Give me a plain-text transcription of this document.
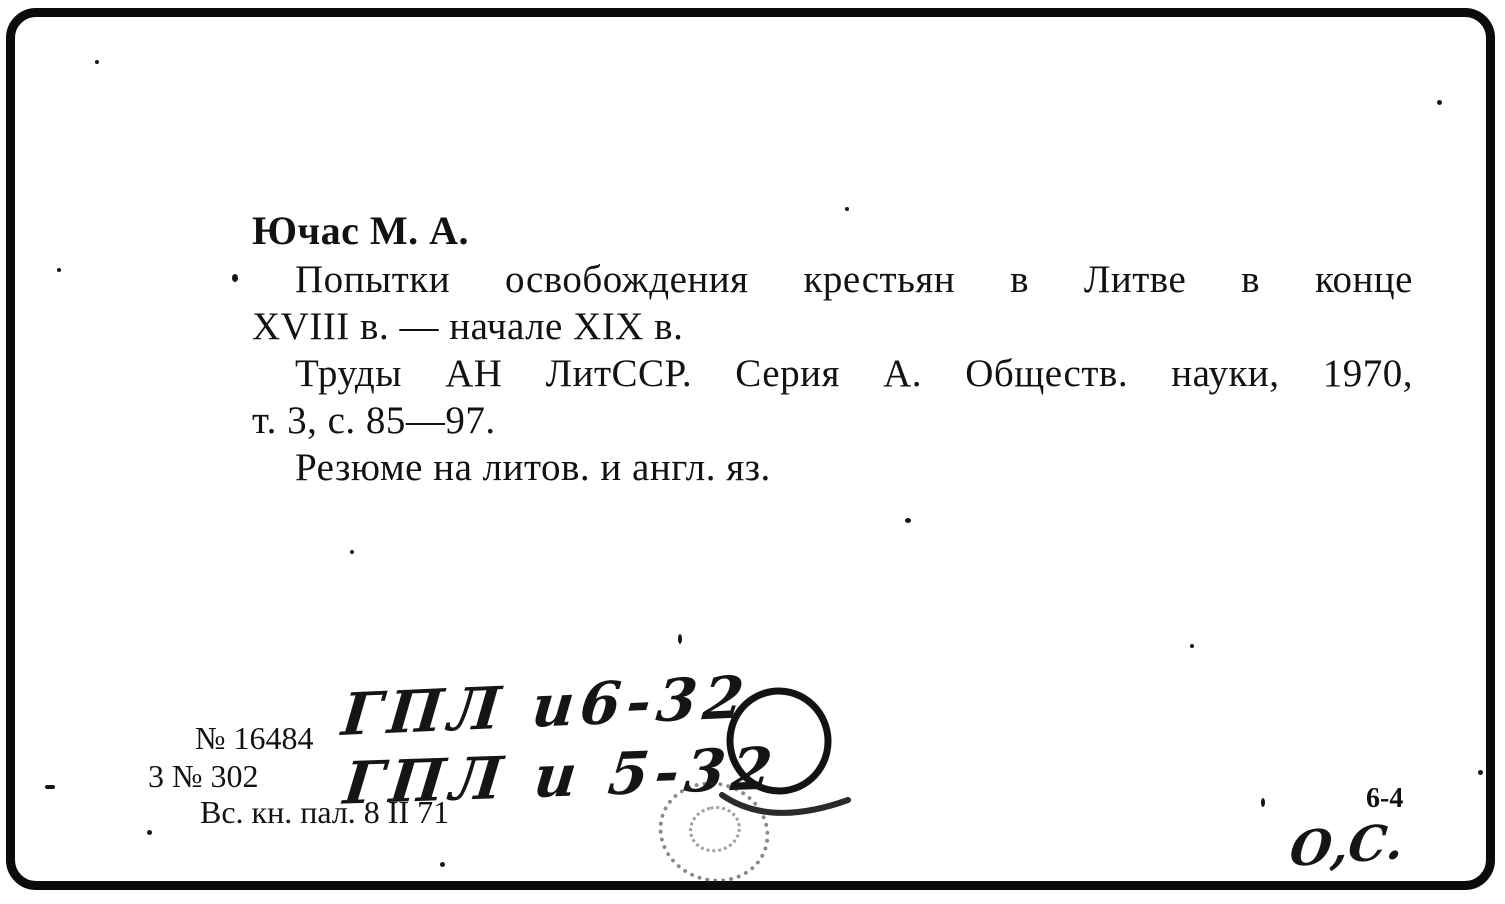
Ючас М. А.
Попытки освобождения крестьян в Литве в конце
XVIII в. — начале XIX в.
Труды АН ЛитССР. Серия А. Обществ. науки, 1970,
т. 3, с. 85—97.
Резюме на литов. и англ. яз.
№ 16484
3 № 302
Вс. кн. пал. 8 II 71
ГПЛ и6-32
ГПЛ и 5-32	6-4
О,С.
